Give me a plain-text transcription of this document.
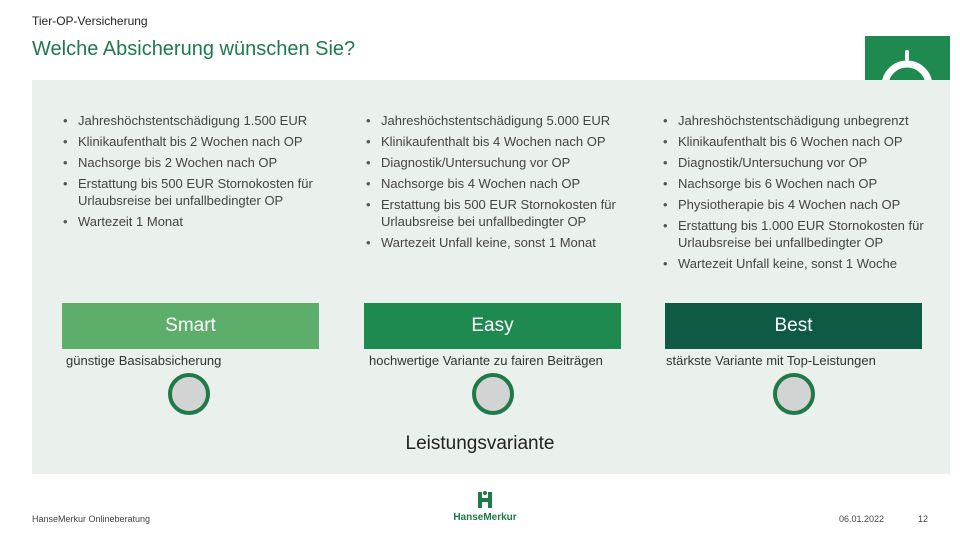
Tier-OP-Versicherung
Welche Absicherung wünschen Sie?
• Jahreshöchstentschädigung 1.500 EUR
• Klinikaufenthalt bis 2 Wochen nach OP
• Nachsorge bis 2 Wochen nach OP
• Erstattung bis 500 EUR Stornokosten für Urlaubsreise bei unfallbedingter OP
• Wartezeit 1 Monat
• Jahreshöchstentschädigung 5.000 EUR
• Klinikaufenthalt bis 4 Wochen nach OP
• Diagnostik/Untersuchung vor OP
• Nachsorge bis 4 Wochen nach OP
• Erstattung bis 500 EUR Stornokosten für Urlaubsreise bei unfallbedingter OP
• Wartezeit Unfall keine, sonst 1 Monat
• Jahreshöchstentschädigung unbegrenzt
• Klinikaufenthalt bis 6 Wochen nach OP
• Diagnostik/Untersuchung vor OP
• Nachsorge bis 6 Wochen nach OP
• Physiotherapie bis 4 Wochen nach OP
• Erstattung bis 1.000 EUR Stornokosten für Urlaubsreise bei unfallbedingter OP
• Wartezeit Unfall keine, sonst 1 Woche
Smart	Easy	Best
günstige Basisabsicherung	hochwertige Variante zu fairen Beiträgen	stärkste Variante mit Top-Leistungen
Leistungsvariante
HanseMerkur Onlineberatung	HanseMerkur	06.01.2022	12
